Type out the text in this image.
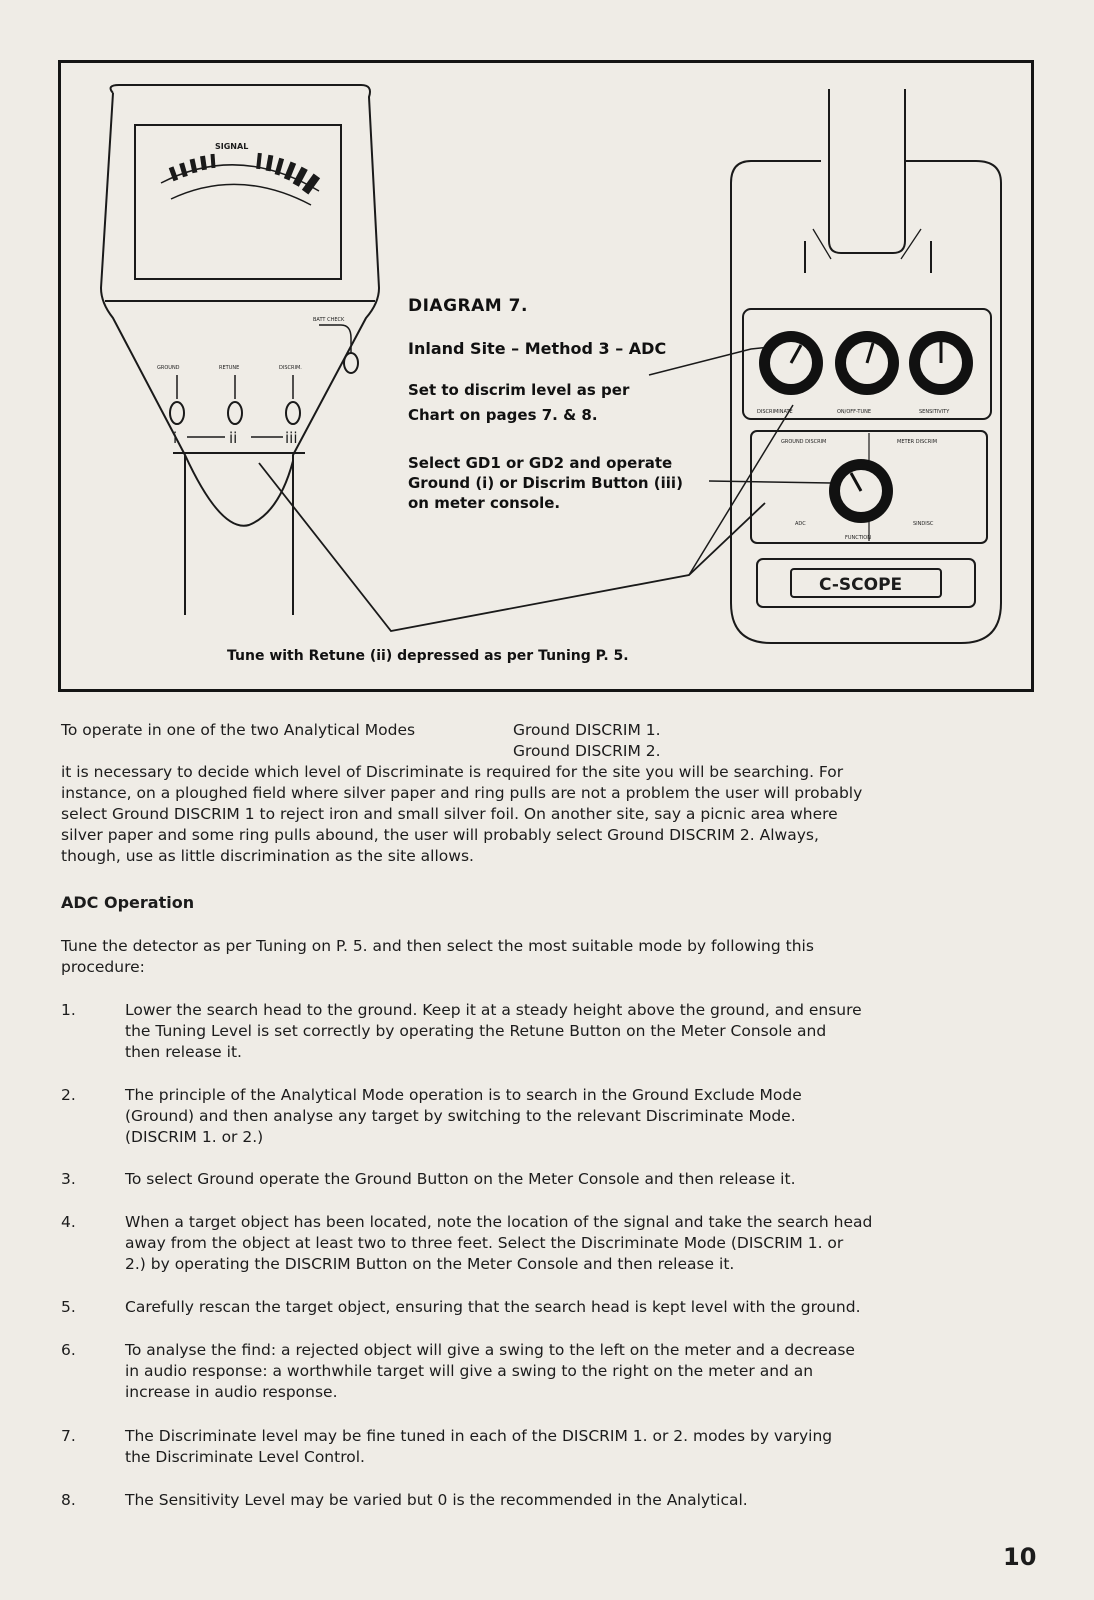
SIGNAL
BATT CHECK
GROUND	RETUNE	DISCRIM.
i	ii	iii
DISCRIMINATE	ON/OFF-TUNE	SENSITIVITY
GROUND DISCRIM	METER DISCRIM
ADC	SINDISC
FUNCTION
C-SCOPE
DIAGRAM 7.
Inland Site – Method 3 – ADC
Set to discrim level as per
Chart on pages 7. & 8.
Select GD1 or GD2 and operate
Ground (i) or Discrim Button (iii)
on meter console.
Tune with Retune (ii) depressed as per Tuning P. 5.
To operate in one of the two Analytical Modes	Ground DISCRIM 1.
Ground DISCRIM 2.
it is necessary to decide which level of Discriminate is required for the site you will be searching. For
instance, on a ploughed field where silver paper and ring pulls are not a problem the user will probably
select Ground DISCRIM 1 to reject iron and small silver foil. On another site, say a picnic area where
silver paper and some ring pulls abound, the user will probably select Ground DISCRIM 2. Always,
though, use as little discrimination as the site allows.
ADC Operation
Tune the detector as per Tuning on P. 5. and then select the most suitable mode by following this
procedure:
1.	Lower the search head to the ground. Keep it at a steady height above the ground, and ensure
the Tuning Level is set correctly by operating the Retune Button on the Meter Console and
then release it.
2.	The principle of the Analytical Mode operation is to search in the Ground Exclude Mode
(Ground) and then analyse any target by switching to the relevant Discriminate Mode.
(DISCRIM 1. or 2.)
3.	To select Ground operate the Ground Button on the Meter Console and then release it.
4.	When a target object has been located, note the location of the signal and take the search head
away from the object at least two to three feet. Select the Discriminate Mode (DISCRIM 1. or
2.) by operating the DISCRIM Button on the Meter Console and then release it.
5.	Carefully rescan the target object, ensuring that the search head is kept level with the ground.
6.	To analyse the find: a rejected object will give a swing to the left on the meter and a decrease
in audio response: a worthwhile target will give a swing to the right on the meter and an
increase in audio response.
7.	The Discriminate level may be fine tuned in each of the DISCRIM 1. or 2. modes by varying
the Discriminate Level Control.
8.	The Sensitivity Level may be varied but 0 is the recommended in the Analytical.
10
